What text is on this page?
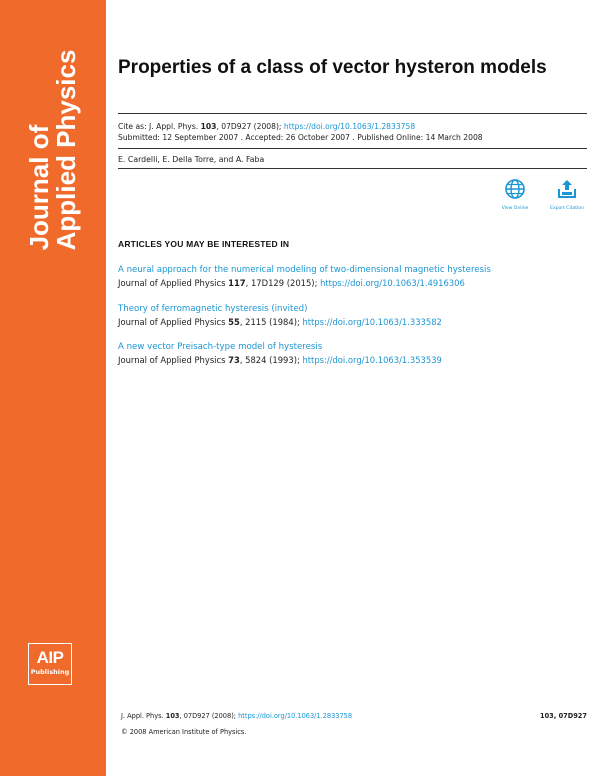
Journal of
Applied Physics
AIP
Publishing
Properties of a class of vector hysteron models
Cite as: J. Appl. Phys. 103, 07D927 (2008); https://doi.org/10.1063/1.2833758
Submitted: 12 September 2007 . Accepted: 26 October 2007 . Published Online: 14 March 2008
E. Cardelli, E. Della Torre, and A. Faba
View Online	Export Citation
ARTICLES YOU MAY BE INTERESTED IN
A neural approach for the numerical modeling of two-dimensional magnetic hysteresis
Journal of Applied Physics 117, 17D129 (2015); https://doi.org/10.1063/1.4916306
Theory of ferromagnetic hysteresis (invited)
Journal of Applied Physics 55, 2115 (1984); https://doi.org/10.1063/1.333582
A new vector Preisach-type model of hysteresis
Journal of Applied Physics 73, 5824 (1993); https://doi.org/10.1063/1.353539
J. Appl. Phys. 103, 07D927 (2008); https://doi.org/10.1063/1.2833758	103, 07D927
© 2008 American Institute of Physics.
